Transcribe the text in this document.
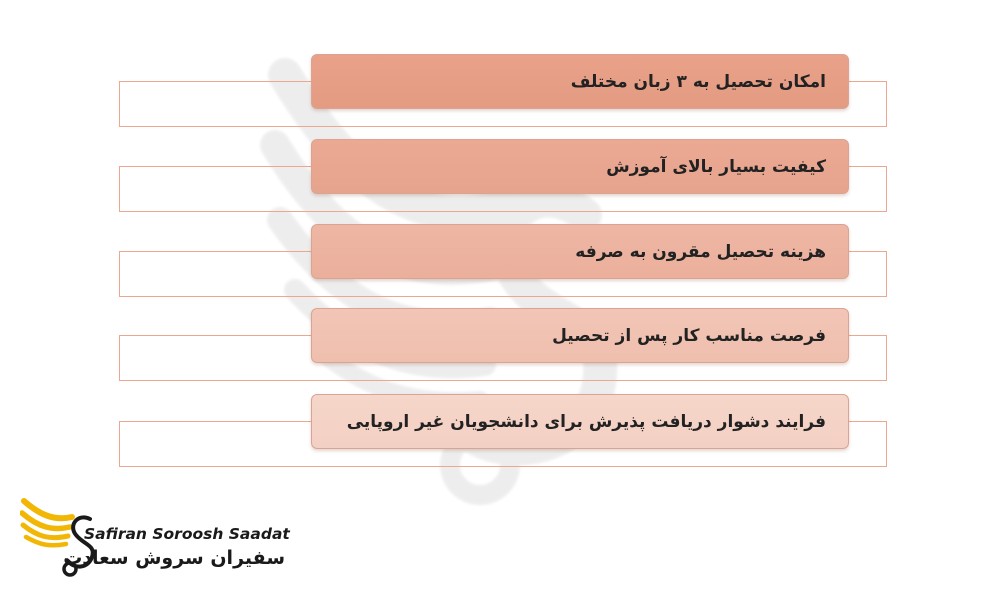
امکان تحصیل به ۳ زبان مختلف
کیفیت بسیار بالای آموزش
هزینه تحصیل مقرون به صرفه
فرصت مناسب کار پس از تحصیل
فرایند دشوار دریافت پذیرش برای دانشجویان غیر اروپایی
Safiran Soroosh Saadat
سفیران سروش سعادت
